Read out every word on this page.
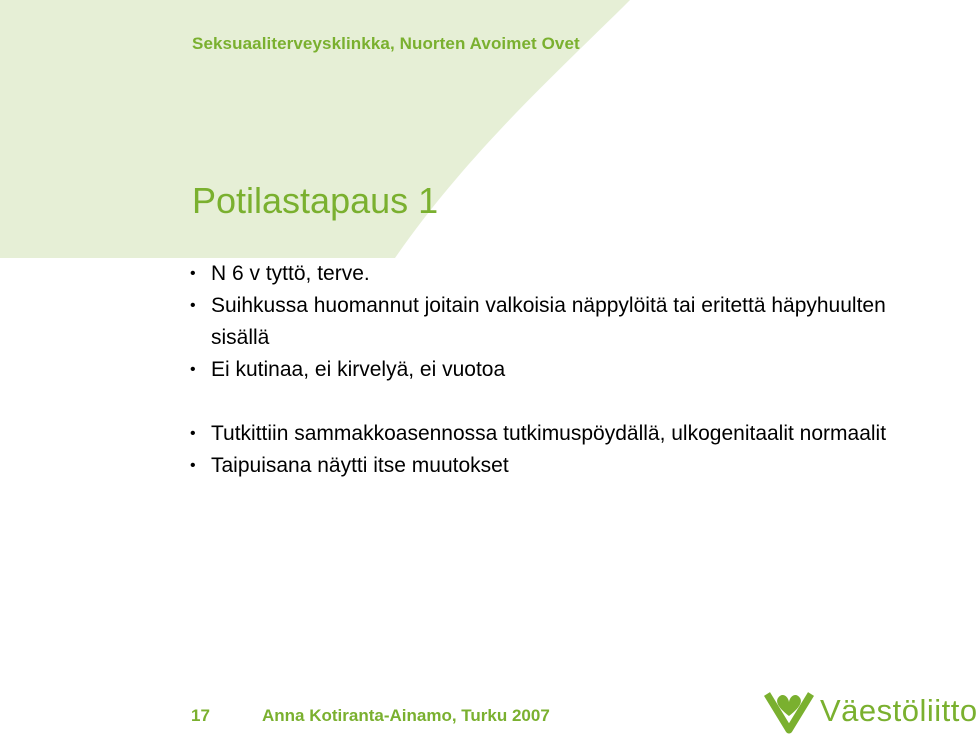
Seksuaaliterveysklinkka, Nuorten Avoimet Ovet
Potilastapaus 1
• N 6 v tyttö, terve.
• Suihkussa huomannut joitain valkoisia näppylöitä tai eritettä häpyhuulten sisällä
• Ei kutinaa, ei kirvelyä, ei vuotoa
• Tutkittiin sammakkoasennossa tutkimuspöydällä, ulkogenitaalit normaalit
• Taipuisana näytti itse muutokset
17	Anna Kotiranta-Ainamo, Turku 2007	Väestöliitto
